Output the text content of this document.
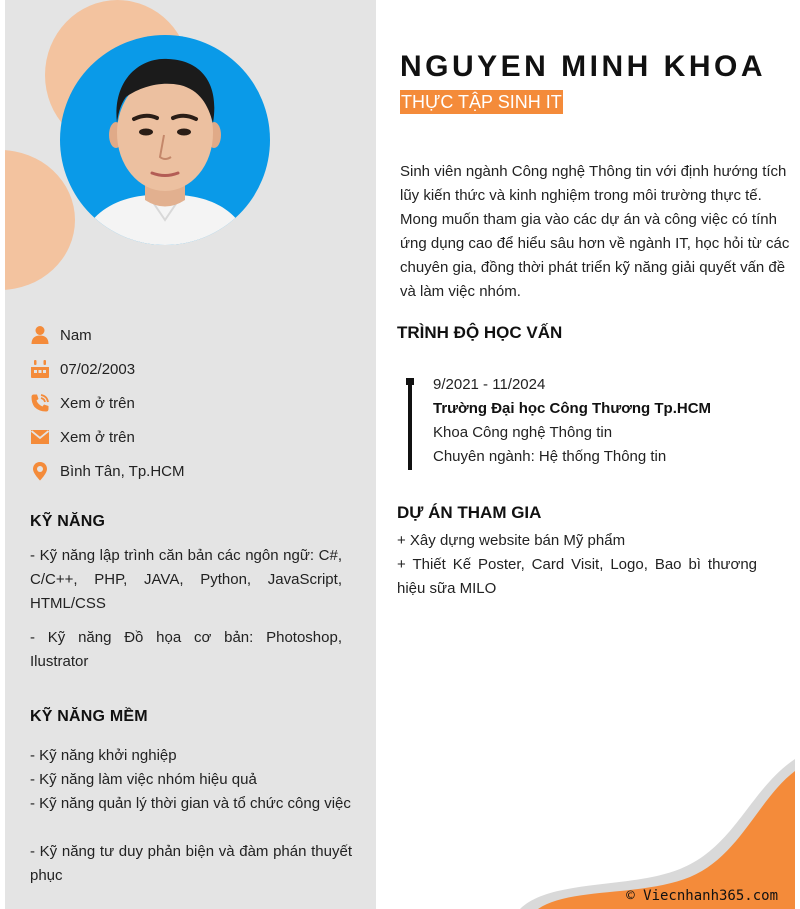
Nam
07/02/2003
Xem ở trên
Xem ở trên
Bình Tân, Tp.HCM
KỸ NĂNG

- Kỹ năng lập trình căn bản các ngôn ngữ: C#, C/C++, PHP, JAVA, Python, JavaScript, HTML/CSS

- Kỹ năng Đồ họa cơ bản: Photoshop, Ilustrator

KỸ NĂNG MỀM

- Kỹ năng khởi nghiệp

- Kỹ năng làm việc nhóm hiệu quả

- Kỹ năng quản lý thời gian và tổ chức công việc

- Kỹ năng tư duy phản biện và đàm phán thuyết phục

NGUYEN MINH KHOA
THỰC TẬP SINH IT

Sinh viên ngành Công nghệ Thông tin với định hướng tích lũy kiến thức và kinh nghiệm trong môi trường thực tế. Mong muốn tham gia vào các dự án và công việc có tính ứng dụng cao để hiểu sâu hơn về ngành IT, học hỏi từ các chuyên gia, đồng thời phát triển kỹ năng giải quyết vấn đề và làm việc nhóm.

TRÌNH ĐỘ HỌC VẤN
9/2021 - 11/2024
Trường Đại học Công Thương Tp.HCM
Khoa Công nghệ Thông tin
Chuyên ngành: Hệ thống Thông tin
DỰ ÁN THAM GIA
+ Xây dựng website bán Mỹ phẩm
+ Thiết Kế Poster, Card Visit, Logo, Bao bì thương hiệu sữa MILO
© Viecnhanh365.com
